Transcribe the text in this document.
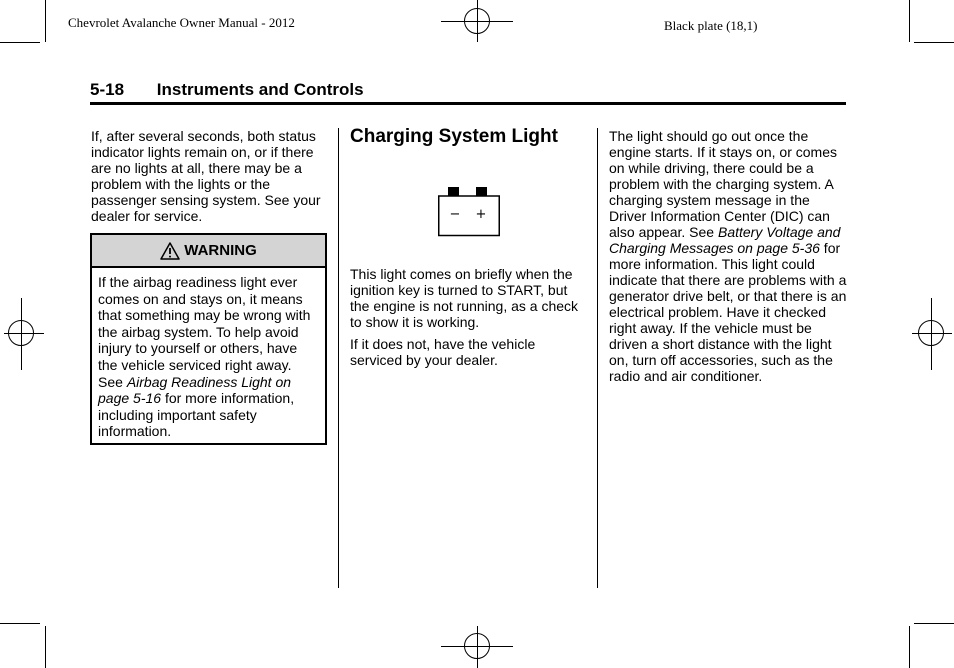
Chevrolet Avalanche Owner Manual - 2012	Black plate (18,1)
5-18 Instruments and Controls

If, after several seconds, both status indicator lights remain on, or if there are no lights at all, there may be a problem with the lights or the passenger sensing system. See your dealer for service.

WARNING
If the airbag readiness light ever comes on and stays on, it means that something may be wrong with the airbag system. To help avoid injury to yourself or others, have the vehicle serviced right away. See Airbag Readiness Light on page 5-16 for more information, including important safety information.
Charging System Light
− +

This light comes on briefly when the ignition key is turned to START, but the engine is not running, as a check to show it is working.

If it does not, have the vehicle serviced by your dealer.

The light should go out once the engine starts. If it stays on, or comes on while driving, there could be a problem with the charging system. A charging system message in the Driver Information Center (DIC) can also appear. See Battery Voltage and Charging Messages on page 5-36 for more information. This light could indicate that there are problems with a generator drive belt, or that there is an electrical problem. Have it checked right away. If the vehicle must be driven a short distance with the light on, turn off accessories, such as the radio and air conditioner.
